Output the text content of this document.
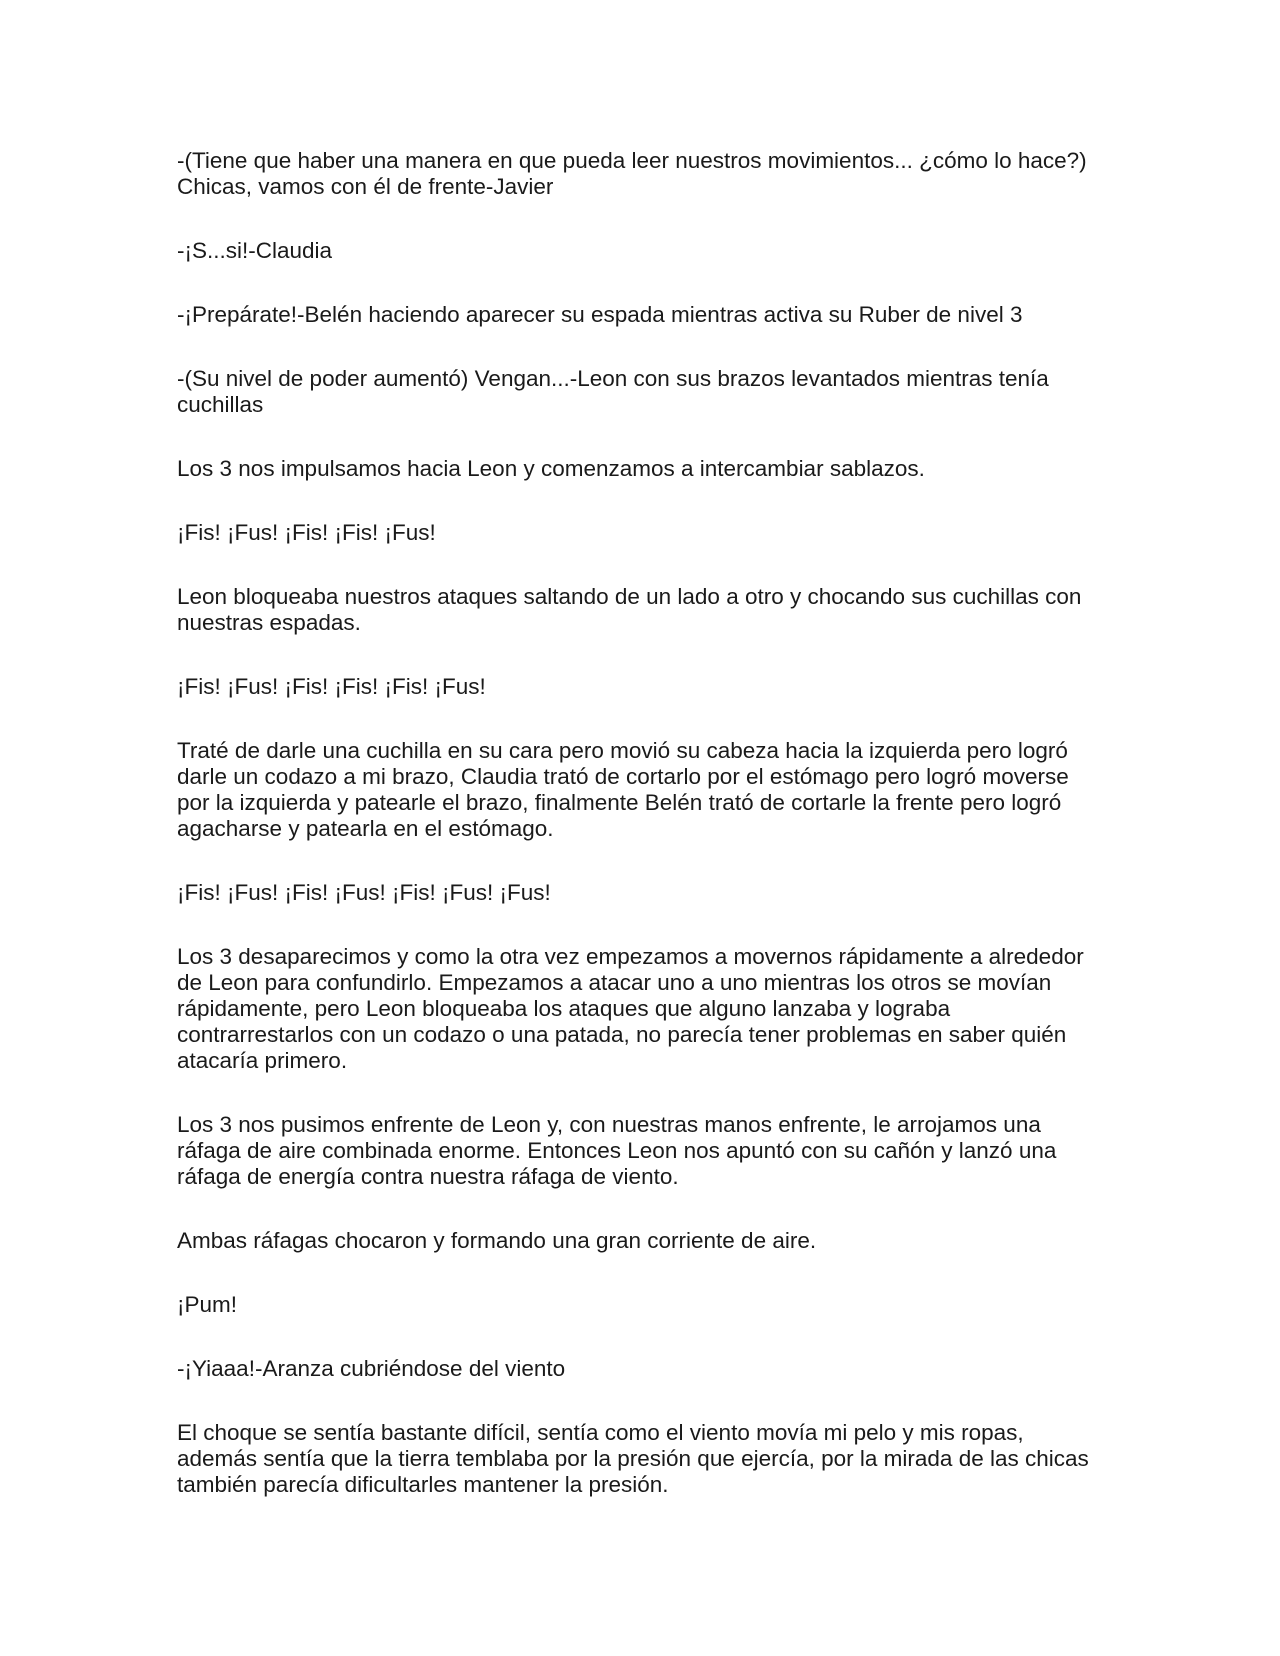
-(Tiene que haber una manera en que pueda leer nuestros movimientos... ¿cómo lo hace?) Chicas, vamos con él de frente-Javier

-¡S...si!-Claudia

-¡Prepárate!-Belén haciendo aparecer su espada mientras activa su Ruber de nivel 3

-(Su nivel de poder aumentó) Vengan...-Leon con sus brazos levantados mientras tenía cuchillas

Los 3 nos impulsamos hacia Leon y comenzamos a intercambiar sablazos.

¡Fis! ¡Fus! ¡Fis! ¡Fis! ¡Fus!

Leon bloqueaba nuestros ataques saltando de un lado a otro y chocando sus cuchillas con nuestras espadas.

¡Fis! ¡Fus! ¡Fis! ¡Fis! ¡Fis! ¡Fus!

Traté de darle una cuchilla en su cara pero movió su cabeza hacia la izquierda pero logró darle un codazo a mi brazo, Claudia trató de cortarlo por el estómago pero logró moverse por la izquierda y patearle el brazo, finalmente Belén trató de cortarle la frente pero logró agacharse y patearla en el estómago.

¡Fis! ¡Fus! ¡Fis! ¡Fus! ¡Fis! ¡Fus! ¡Fus!

Los 3 desaparecimos y como la otra vez empezamos a movernos rápidamente a alrededor de Leon para confundirlo. Empezamos a atacar uno a uno mientras los otros se movían rápidamente, pero Leon bloqueaba los ataques que alguno lanzaba y lograba contrarrestarlos con un codazo o una patada, no parecía tener problemas en saber quién atacaría primero.

Los 3 nos pusimos enfrente de Leon y, con nuestras manos enfrente, le arrojamos una ráfaga de aire combinada enorme. Entonces Leon nos apuntó con su cañón y lanzó una ráfaga de energía contra nuestra ráfaga de viento.

Ambas ráfagas chocaron y formando una gran corriente de aire.

¡Pum!

-¡Yiaaa!-Aranza cubriéndose del viento

El choque se sentía bastante difícil, sentía como el viento movía mi pelo y mis ropas, además sentía que la tierra temblaba por la presión que ejercía, por la mirada de las chicas también parecía dificultarles mantener la presión.
